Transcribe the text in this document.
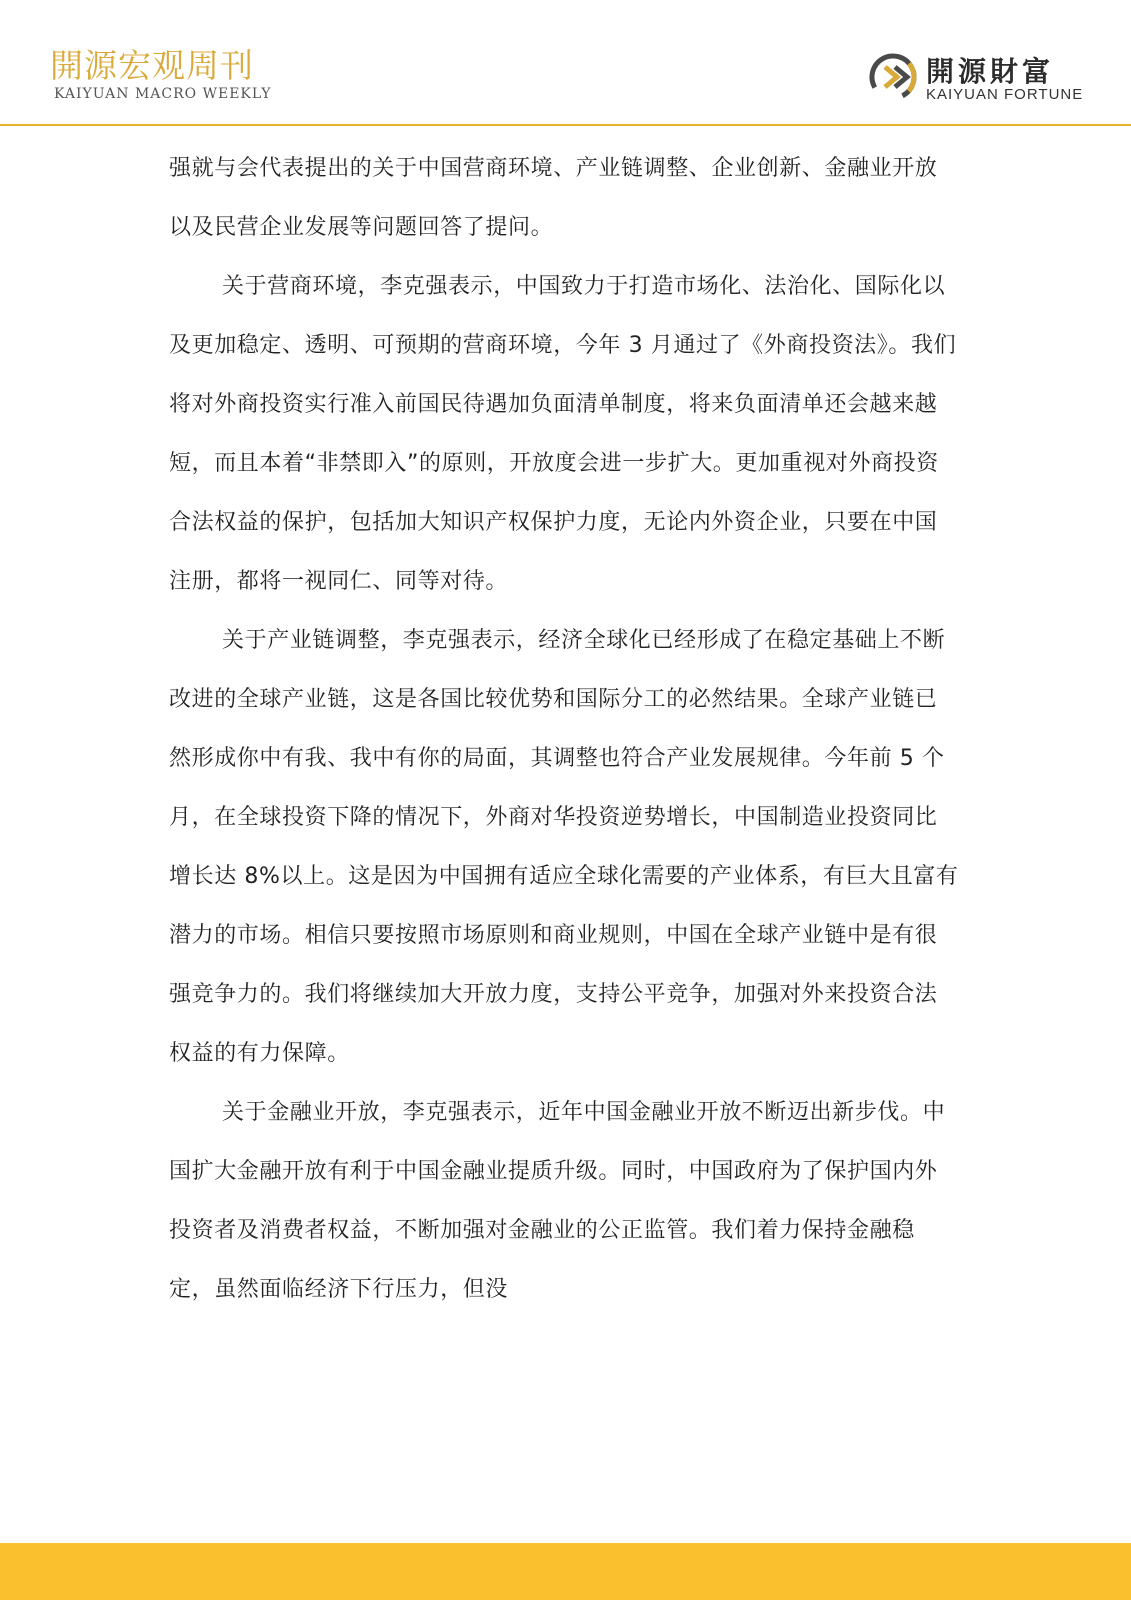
開源宏观周刊
KAIYUAN MACRO WEEKLY
開源財富
KAIYUAN FORTUNE

强就与会代表提出的关于中国营商环境、产业链调整、企业创新、金融业开放以及民营企业发展等问题回答了提问。

关于营商环境，李克强表示，中国致力于打造市场化、法治化、国际化以及更加稳定、透明、可预期的营商环境，今年 3 月通过了《外商投资法》。我们将对外商投资实行准入前国民待遇加负面清单制度，将来负面清单还会越来越短，而且本着“非禁即入”的原则，开放度会进一步扩大。更加重视对外商投资合法权益的保护，包括加大知识产权保护力度，无论内外资企业，只要在中国注册，都将一视同仁、同等对待。

关于产业链调整，李克强表示，经济全球化已经形成了在稳定基础上不断改进的全球产业链，这是各国比较优势和国际分工的必然结果。全球产业链已然形成你中有我、我中有你的局面，其调整也符合产业发展规律。今年前 5 个月，在全球投资下降的情况下，外商对华投资逆势增长，中国制造业投资同比增长达 8%以上。这是因为中国拥有适应全球化需要的产业体系，有巨大且富有潜力的市场。相信只要按照市场原则和商业规则，中国在全球产业链中是有很强竞争力的。我们将继续加大开放力度，支持公平竞争，加强对外来投资合法权益的有力保障。

关于金融业开放，李克强表示，近年中国金融业开放不断迈出新步伐。中国扩大金融开放有利于中国金融业提质升级。同时，中国政府为了保护国内外投资者及消费者权益，不断加强对金融业的公正监管。我们着力保持金融稳定，虽然面临经济下行压力，但没
